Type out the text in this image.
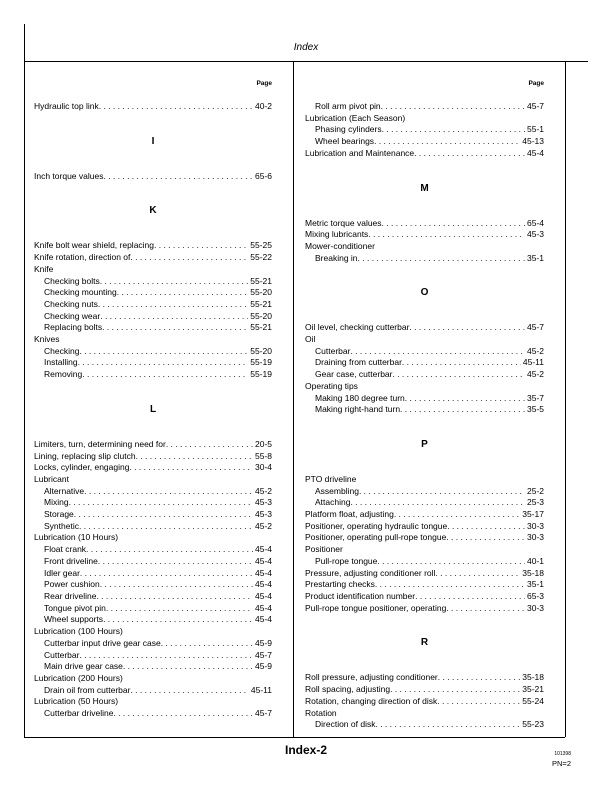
Index
Page
Hydraulic top link . . .	40-2
I
Inch torque values . . .	65-6
K
Knife bolt wear shield, replacing . . .	55-25
Knife rotation, direction of . . .	55-22
Knife
Checking bolts . . .	55-21
Checking mounting . . .	55-20
Checking nuts . . .	55-21
Checking wear . . .	55-20
Replacing bolts . . .	55-21
Knives
Checking . . .	55-20
Installing . . .	55-19
Removing . . .	55-19
L
Limiters, turn, determining need for . . .	20-5
Lining, replacing slip clutch . . .	55-8
Locks, cylinder, engaging . . .	30-4
Lubricant
Alternative . . .	45-2
Mixing . . .	45-3
Storage . . .	45-3
Synthetic . . .	45-2
Lubrication (10 Hours)
Float crank . . .	45-4
Front driveline . . .	45-4
Idler gear . . .	45-4
Power cushion . . .	45-4
Rear driveline . . .	45-4
Tongue pivot pin . . .	45-4
Wheel supports . . .	45-4
Lubrication (100 Hours)
Cutterbar input drive gear case . . .	45-9
Cutterbar . . .	45-7
Main drive gear case . . .	45-9
Lubrication (200 Hours)
Drain oil from cutterbar . . .	45-11
Lubrication (50 Hours)
Cutterbar driveline . . .	45-7
Page
Roll arm pivot pin . . .	45-7
Lubrication (Each Season)
Phasing cylinders . . .	55-1
Wheel bearings . . .	45-13
Lubrication and Maintenance . . .	45-4
M
Metric torque values . . .	65-4
Mixing lubricants . . .	45-3
Mower-conditioner
Breaking in . . .	35-1
O
Oil level, checking cutterbar . . .	45-7
Oil
Cutterbar . . .	45-2
Draining from cutterbar . . .	45-11
Gear case, cutterbar . . .	45-2
Operating tips
Making 180 degree turn . . .	35-7
Making right-hand turn . . .	35-5
P
PTO driveline
Assembling . . .	25-2
Attaching . . .	25-3
Platform float, adjusting . . .	35-17
Positioner, operating hydraulic tongue . . .	30-3
Positioner, operating pull-rope tongue . . .	30-3
Positioner
Pull-rope tongue . . .	40-1
Pressure, adjusting conditioner roll . . .	35-18
Prestarting checks . . .	35-1
Product identification number . . .	65-3
Pull-rope tongue positioner, operating . . .	30-3
R
Roll pressure, adjusting conditioner . . .	35-18
Roll spacing, adjusting . . .	35-21
Rotation, changing direction of disk . . .	55-24
Rotation
Direction of disk . . .	55-23
Index-2	101398
PN=2
